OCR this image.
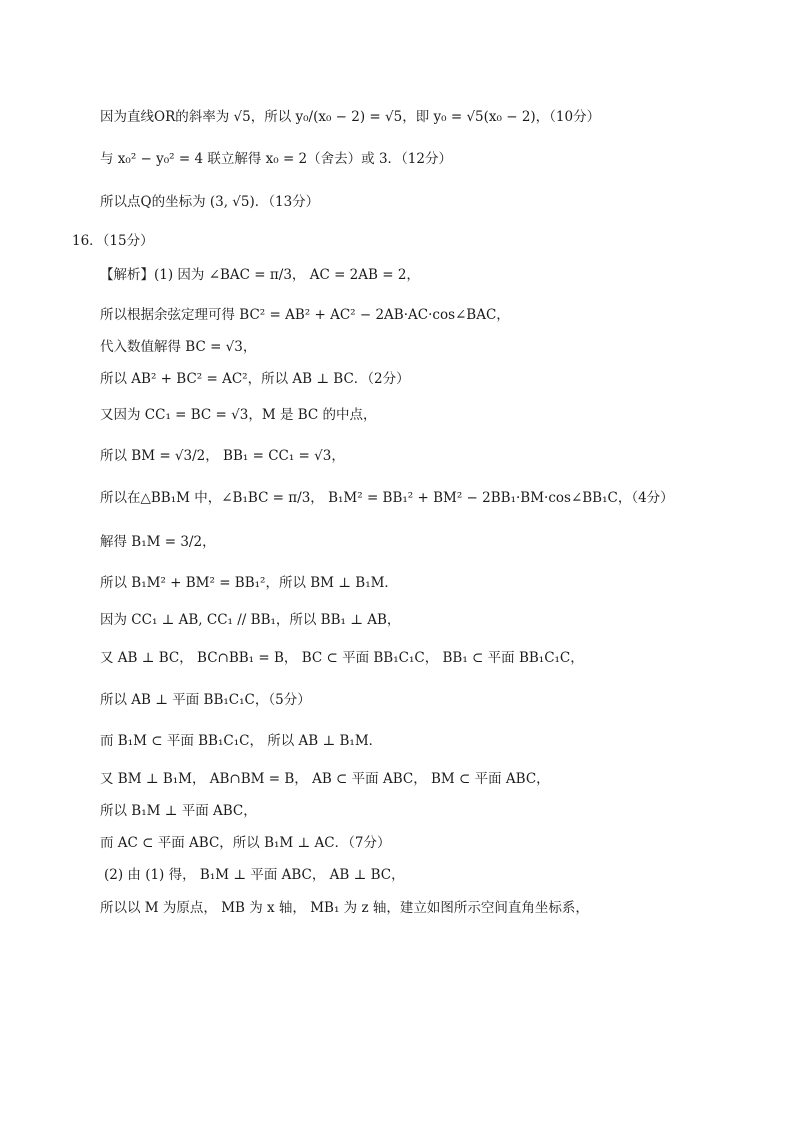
因为直线OR的斜率为 √5，所以 y₀/(x₀ − 2) = √5，即 y₀ = √5(x₀ − 2)，（10分）
与 x₀² − y₀² = 4 联立解得 x₀ = 2（舍去）或 3．（12分）
所以点Q的坐标为 (3, √5)．（13分）
16．（15分）
【解析】(1) 因为 ∠BAC = π/3， AC = 2AB = 2，
所以根据余弦定理可得 BC² = AB² + AC² − 2AB·AC·cos∠BAC，
代入数值解得 BC = √3，
所以 AB² + BC² = AC²，所以 AB ⊥ BC．（2分）
又因为 CC₁ = BC = √3，M 是 BC 的中点，
所以 BM = √3/2， BB₁ = CC₁ = √3，
所以在△BB₁M 中，∠B₁BC = π/3， B₁M² = BB₁² + BM² − 2BB₁·BM·cos∠BB₁C，（4分）
解得 B₁M = 3/2，
所以 B₁M² + BM² = BB₁²，所以 BM ⊥ B₁M．
因为 CC₁ ⊥ AB, CC₁ // BB₁，所以 BB₁ ⊥ AB，
又 AB ⊥ BC， BC∩BB₁ = B， BC ⊂ 平面 BB₁C₁C， BB₁ ⊂ 平面 BB₁C₁C，
所以 AB ⊥ 平面 BB₁C₁C，（5分）
而 B₁M ⊂ 平面 BB₁C₁C， 所以 AB ⊥ B₁M．
又 BM ⊥ B₁M， AB∩BM = B， AB ⊂ 平面 ABC， BM ⊂ 平面 ABC，
所以 B₁M ⊥ 平面 ABC，
而 AC ⊂ 平面 ABC，所以 B₁M ⊥ AC．（7分）
(2) 由 (1) 得， B₁M ⊥ 平面 ABC， AB ⊥ BC，
所以以 M 为原点， MB 为 x 轴， MB₁ 为 z 轴，建立如图所示空间直角坐标系，
